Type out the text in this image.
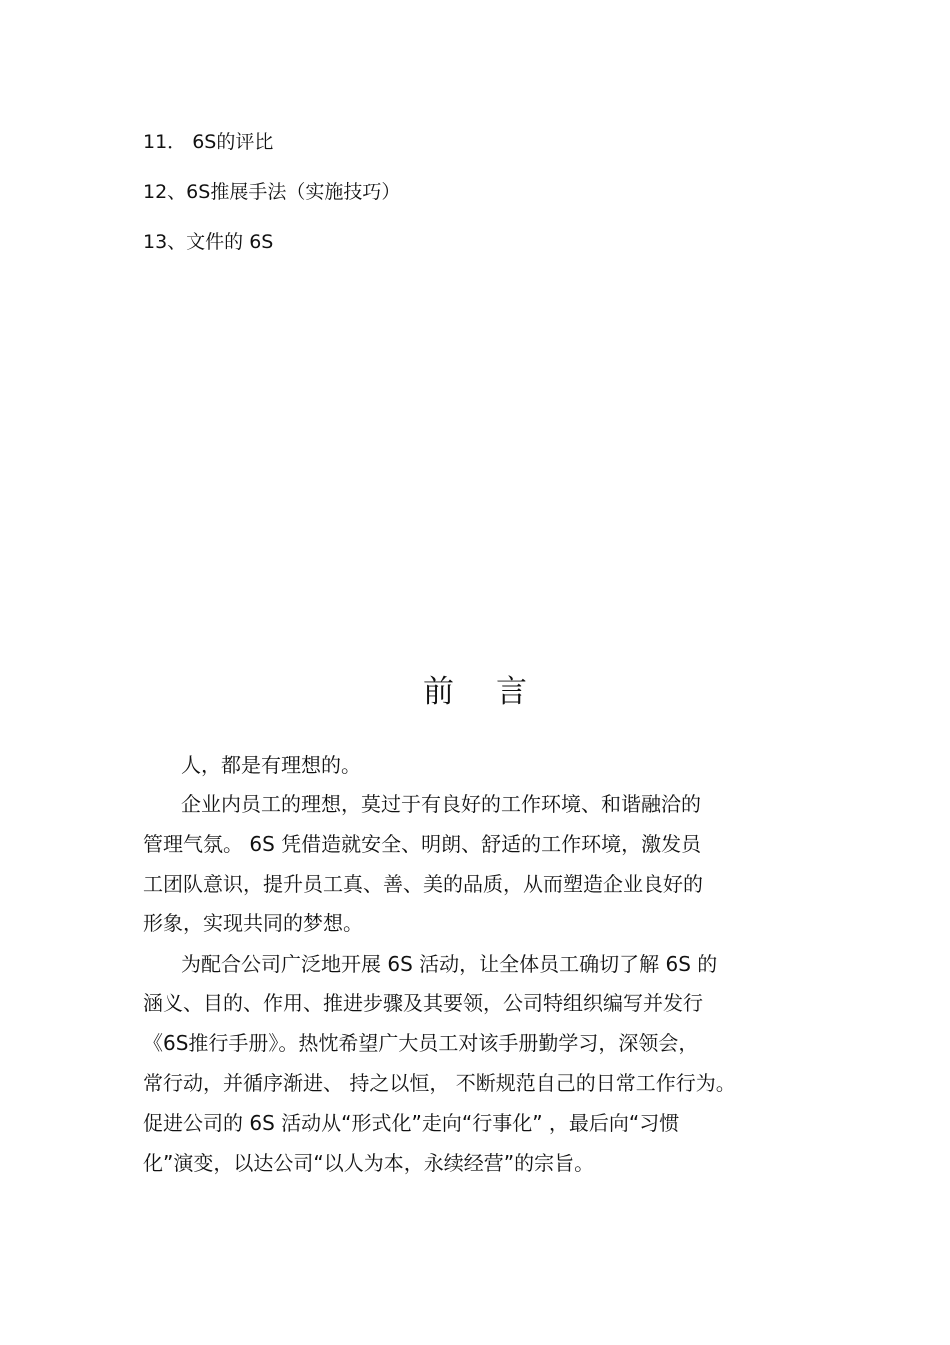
11． 6S的评比
12、6S推展手法（实施技巧）
13、文件的 6S
前 言
人，都是有理想的。
企业内员工的理想，莫过于有良好的工作环境、和谐融洽的
管理气氛。 6S 凭借造就安全、明朗、舒适的工作环境，激发员
工团队意识，提升员工真、善、美的品质，从而塑造企业良好的
形象，实现共同的梦想。
为配合公司广泛地开展 6S 活动，让全体员工确切了解 6S 的
涵义、目的、作用、推进步骤及其要领，公司特组织编写并发行
《6S推行手册》。热忱希望广大员工对该手册勤学习，深领会，
常行动，并循序渐进、 持之以恒， 不断规范自己的日常工作行为。
促进公司的 6S 活动从“形式化”走向“行事化” ，最后向“习惯
化”演变，以达公司“以人为本，永续经营”的宗旨。
